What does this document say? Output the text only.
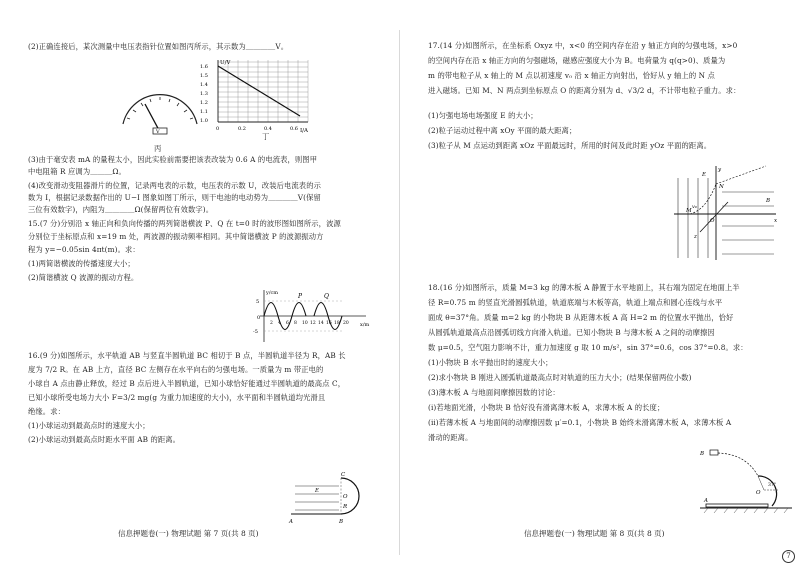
(2)正确连接后，某次测量中电压表指针位置如图丙所示，其示数为＿＿＿＿V。
V
丙
U/V
I/A
1.6
1.5
1.4
1.3
1.2
1.1
1.0
0	0.2	0.4	0.6
丁
(3)由于毫安表 mA 的量程太小，因此实验前需要把该表改装为 0.6 A 的电流表，则图甲
中电阻箱 R 应调为＿＿＿Ω。
(4)改变滑动变阻器滑片的位置，记录两电表的示数，电压表的示数 U，改装后电流表的示
数为 I，根据记录数据作出的 U−I 图象如图丁所示，则干电池的电动势为＿＿＿＿V(保留
三位有效数字)，内阻为＿＿＿＿Ω(保留两位有效数字)。
15.(7 分)分别沿 x 轴正向和负向传播的两列简谐横波 P、Q 在 t=0 时的波形图如图所示，波源
分别位于坐标原点和 x=19 m 处，两波源的振动频率相同。其中简谐横波 P 的波源振动方
程为 y=−0.05sin 4πt(m)。求：
(1)两简谐横波的传播速度大小；
(2)简谐横波 Q 波源的振动方程。
y/cm
x/m
5
0
-5
2 4 6 8 10 12 14 16 18 20
P	Q
16.(9 分)如图所示，水平轨道 AB 与竖直半圆轨道 BC 相切于 B 点，半圆轨道半径为 R，AB 长
度为 7/2 R。在 AB 上方，直径 BC 左侧存在水平向右的匀强电场。一质量为 m 带正电的
小球自 A 点由静止释放，经过 B 点后进入半圆轨道，已知小球恰好能通过半圆轨道的最高点 C，
已知小球所受电场力大小 F=3/2 mg(g 为重力加速度的大小)，水平面和半圆轨道均光滑且
绝缘。求：
(1)小球运动到最高点时的速度大小；
(2)小球运动到最高点时距水平面 AB 的距离。
A	B
C
E
O
R
信息押题卷(一) 物理试题 第 7 页(共 8 页)
17.(14 分)如图所示，在坐标系 Oxyz 中，x<0 的空间内存在沿 y 轴正方向的匀强电场，x>0
的空间内存在沿 x 轴正方向的匀强磁场，磁感应强度大小为 B。电荷量为 q(q>0)、质量为
m 的带电粒子从 x 轴上的 M 点以初速度 v₀ 沿 x 轴正方向射出，恰好从 y 轴上的 N 点
进入磁场。已知 M、N 两点到坐标原点 O 的距离分别为 d、√3/2 d，不计带电粒子重力。求：
(1)匀强电场电场强度 E 的大小；
(2)粒子运动过程中离 xOy 平面的最大距离；
(3)粒子从 M 点运动到距离 xOz 平面最远时，所用的时间及此时距 yOz 平面的距离。
y
x
z
N
M
O
v₀
E
B
18.(16 分)如图所示，质量 M=3 kg 的薄木板 A 静置于水平地面上，其右端为固定在地面上半
径 R=0.75 m 的竖直光滑圆弧轨道，轨道底端与木板等高，轨道上端点和圆心连线与水平
面成 θ=37°角。质量 m=2 kg 的小物块 B 从距薄木板 A 高 H=2 m 的位置水平抛出，恰好
从圆弧轨道最高点沿圆弧切线方向滑入轨道。已知小物块 B 与薄木板 A 之间的动摩擦因
数 μ=0.5，空气阻力影响不计，重力加速度 g 取 10 m/s²，sin 37°=0.6，cos 37°=0.8。求：
(1)小物块 B 水平抛出时的速度大小；
(2)求小物块 B 刚进入圆弧轨道最高点时对轨道的压力大小；(结果保留两位小数)
(3)薄木板 A 与地面间摩擦因数的讨论：
(ⅰ)若地面光滑，小物块 B 恰好没有滑离薄木板 A，求薄木板 A 的长度；
(ⅱ)若薄木板 A 与地面间的动摩擦因数 μ′=0.1，小物块 B 始终未滑离薄木板 A，求薄木板 A
滑动的距离。
B
A
O
37°
信息押题卷(一) 物理试题 第 8 页(共 8 页)
7
